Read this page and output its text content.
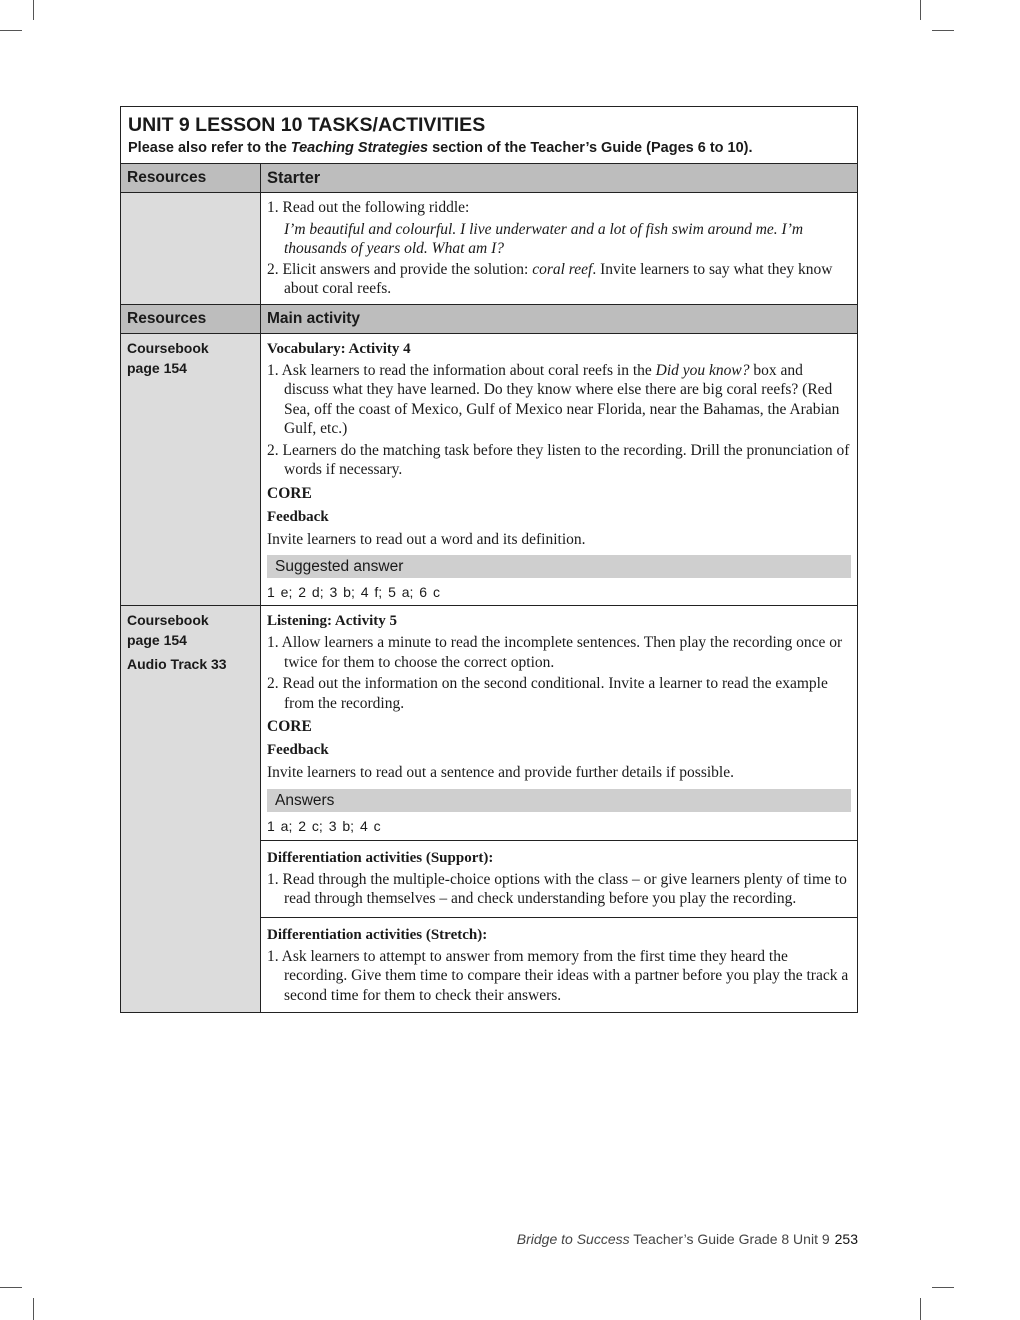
UNIT 9 LESSON 10 TASKS/ACTIVITIES
Please also refer to the Teaching Strategies section of the Teacher’s Guide (Pages 6 to 10).
Resources	Starter
1. Read out the following riddle:
I’m beautiful and colourful. I live underwater and a lot of fish swim around me. I’m thousands of years old. What am I?
2. Elicit answers and provide the solution: coral reef. Invite learners to say what they know about coral reefs.
Resources	Main activity
Coursebook
page 154
Vocabulary: Activity 4
1. Ask learners to read the information about coral reefs in the Did you know? box and discuss what they have learned. Do they know where else there are big coral reefs? (Red Sea, off the coast of Mexico, Gulf of Mexico near Florida, near the Bahamas, the Arabian Gulf, etc.)
2. Learners do the matching task before they listen to the recording. Drill the pronunciation of words if necessary.
CORE
Feedback
Invite learners to read out a word and its definition.
Suggested answer
1 e; 2 d; 3 b; 4 f; 5 a; 6 c
Coursebook
page 154
Audio Track 33
Listening: Activity 5
1. Allow learners a minute to read the incomplete sentences. Then play the recording once or twice for them to choose the correct option.
2. Read out the information on the second conditional. Invite a learner to read the example from the recording.
CORE
Feedback
Invite learners to read out a sentence and provide further details if possible.
Answers
1 a; 2 c; 3 b; 4 c
Differentiation activities (Support):
1. Read through the multiple-choice options with the class – or give learners plenty of time to read through themselves – and check understanding before you play the recording.
Differentiation activities (Stretch):
1. Ask learners to attempt to answer from memory from the first time they heard the recording. Give them time to compare their ideas with a partner before you play the track a second time for them to check their answers.
Bridge to Success Teacher’s Guide Grade 8 Unit 9 253
